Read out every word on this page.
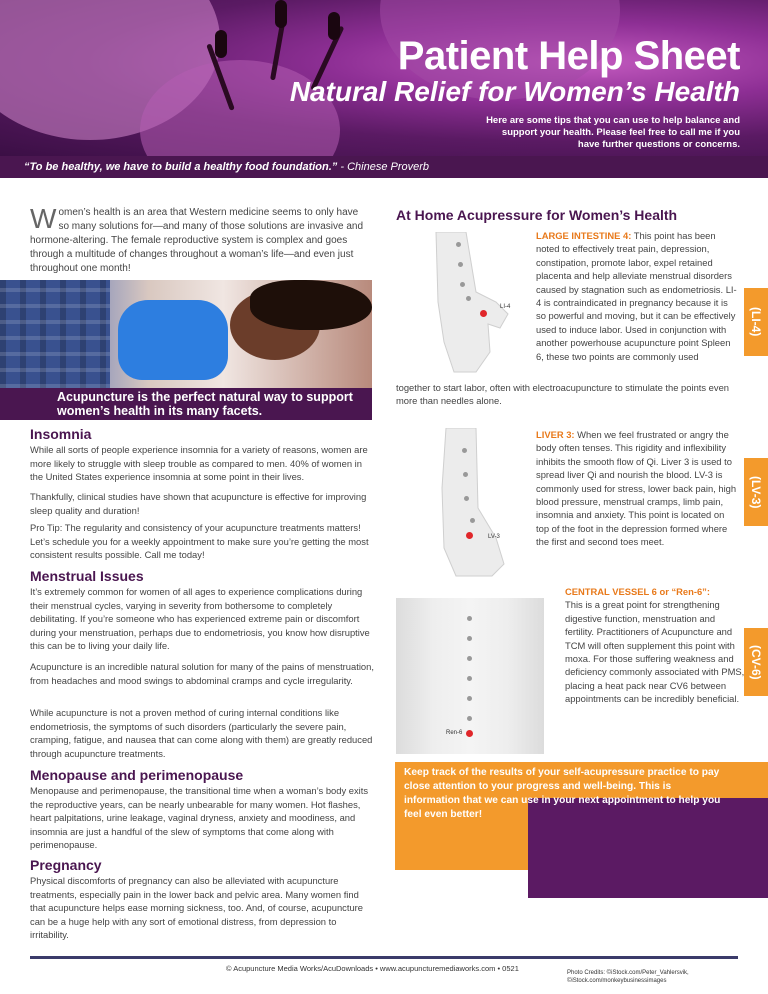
Patient Help Sheet
Natural Relief for Women’s Health
Here are some tips that you can use to help balance and support your health. Please feel free to call me if you have further questions or concerns.
“To be healthy, we have to build a healthy food foundation.” - Chinese Proverb
Women’s health is an area that Western medicine seems to only have so many solutions for—and many of those solutions are invasive and hormone-altering. The female reproductive system is complex and goes through a multitude of changes throughout a woman’s life—and even just throughout one month!
Acupuncture is the perfect natural way to support women’s health in its many facets.
Insomnia
While all sorts of people experience insomnia for a variety of reasons, women are more likely to struggle with sleep trouble as compared to men. 40% of women in the United States experience insomnia at some point in their lives.
Thankfully, clinical studies have shown that acupuncture is effective for improving sleep quality and duration!
Pro Tip: The regularity and consistency of your acupuncture treatments matters! Let’s schedule you for a weekly appointment to make sure you’re getting the most consistent results possible. Call me today!
Menstrual Issues
It’s extremely common for women of all ages to experience complications during their menstrual cycles, varying in severity from bothersome to completely debilitating. If you’re someone who has experienced extreme pain or discomfort during your menstruation, perhaps due to endometriosis, you know how disruptive this can be to living your daily life.
Acupuncture is an incredible natural solution for many of the pains of menstruation, from headaches and mood swings to abdominal cramps and cycle irregularity.
While acupuncture is not a proven method of curing internal conditions like endometriosis, the symptoms of such disorders (particularly the severe pain, cramping, fatigue, and nausea that can come along with them) are greatly reduced through acupuncture treatments.
Menopause and perimenopause
Menopause and perimenopause, the transitional time when a woman’s body exits the reproductive years, can be nearly unbearable for many women. Hot flashes, heart palpitations, urine leakage, vaginal dryness, anxiety and moodiness, and insomnia are just a handful of the slew of symptoms that come along with perimenopause.
Pregnancy
Physical discomforts of pregnancy can also be alleviated with acupuncture treatments, especially pain in the lower back and pelvic area. Many women find that acupuncture helps ease morning sickness, too. And, of course, acupuncture can be a huge help with any sort of emotional distress, from depression to irritability.
At Home Acupressure for Women’s Health
LI-4
LARGE INTESTINE 4: This point has been noted to effectively treat pain, depression, constipation, promote labor, expel retained placenta and help alleviate menstrual disorders caused by stagnation such as endometriosis. LI-4 is contraindicated in pregnancy because it is so powerful and moving, but it can be effectively used to induce labor. Used in conjunction with another powerhouse acupuncture point Spleen 6, these two points are commonly used
together to start labor, often with electroacupuncture to stimulate the points even more than needles alone.
(LI-4)
LV-3
LIVER 3: When we feel frustrated or angry the body often tenses. This rigidity and inflexibility inhibits the smooth flow of Qi. Liver 3 is used to spread liver Qi and nourish the blood. LV-3 is commonly used for stress, lower back pain, high blood pressure, menstrual cramps, limb pain, insomnia and anxiety. This point is located on top of the foot in the depression formed where the first and second toes meet.
(LV-3)
Ren-6
CENTRAL VESSEL 6 or “Ren-6”:
This is a great point for strengthening digestive function, menstruation and fertility. Practitioners of Acupuncture and TCM will often supplement this point with moxa. For those suffering weakness and deficiency commonly associated with PMS, placing a heat pack near CV6 between appointments can be incredibly beneficial.
(CV-6)
Keep track of the results of your self-acupressure practice to pay close attention to your progress and well-being. This is information that we can use in your next appointment to help you feel even better!
© Acupuncture Media Works/AcuDownloads • www.acupuncturemediaworks.com • 0521	Photo Credits: ©iStock.com/Peter_Vahlersvik,
©iStock.com/monkeybusinessimages
